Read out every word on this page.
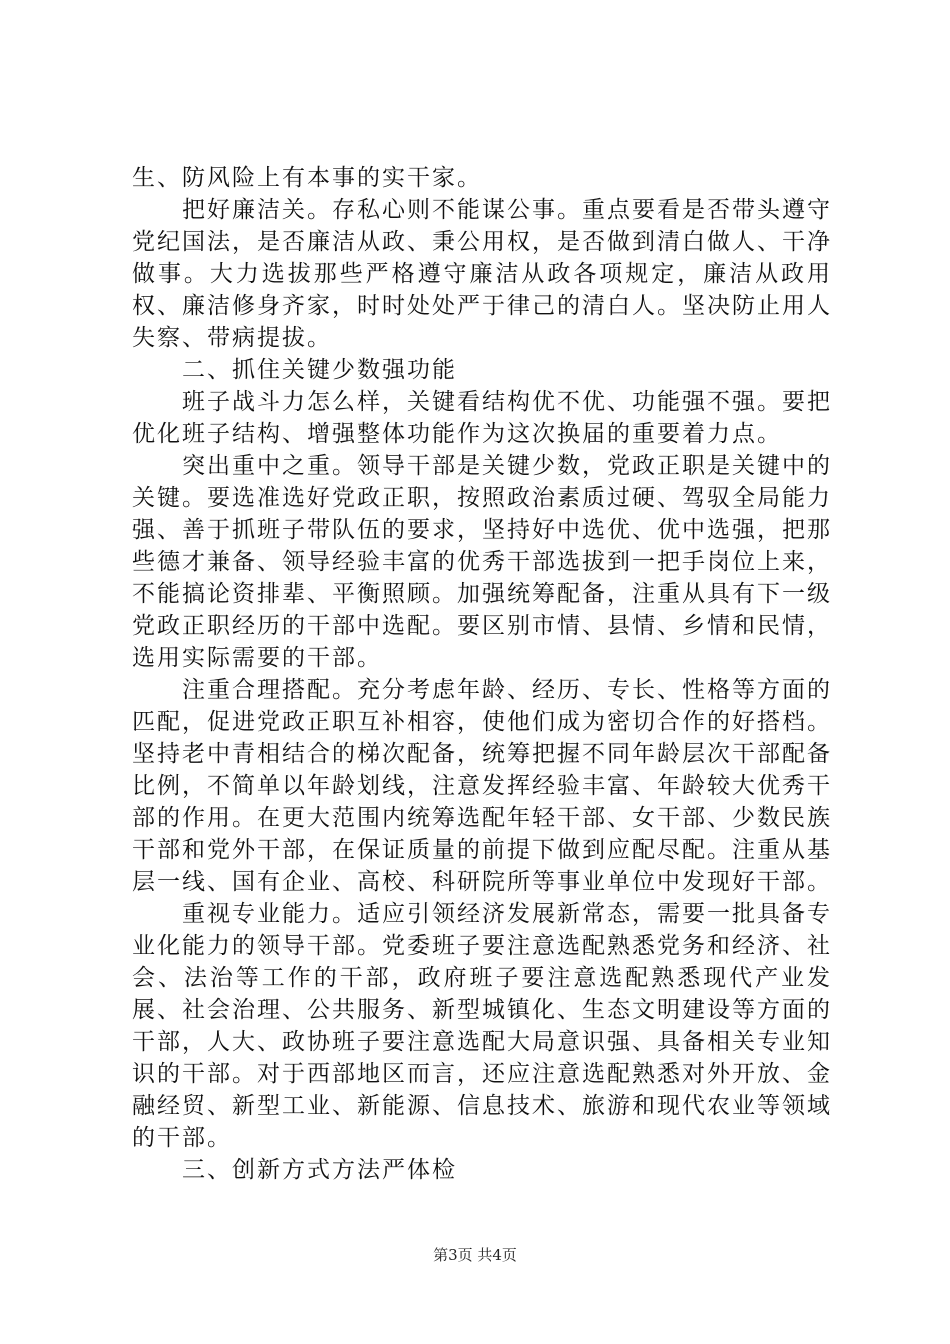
生、防风险上有本事的实干家。

把好廉洁关。存私心则不能谋公事。重点要看是否带头遵守党纪国法，是否廉洁从政、秉公用权，是否做到清白做人、干净做事。大力选拔那些严格遵守廉洁从政各项规定，廉洁从政用权、廉洁修身齐家，时时处处严于律己的清白人。坚决防止用人失察、带病提拔。

二、抓住关键少数强功能

班子战斗力怎么样，关键看结构优不优、功能强不强。要把优化班子结构、增强整体功能作为这次换届的重要着力点。

突出重中之重。领导干部是关键少数，党政正职是关键中的关键。要选准选好党政正职，按照政治素质过硬、驾驭全局能力强、善于抓班子带队伍的要求，坚持好中选优、优中选强，把那些德才兼备、领导经验丰富的优秀干部选拔到一把手岗位上来，不能搞论资排辈、平衡照顾。加强统筹配备，注重从具有下一级党政正职经历的干部中选配。要区别市情、县情、乡情和民情，选用实际需要的干部。

注重合理搭配。充分考虑年龄、经历、专长、性格等方面的匹配，促进党政正职互补相容，使他们成为密切合作的好搭档。坚持老中青相结合的梯次配备，统筹把握不同年龄层次干部配备比例，不简单以年龄划线，注意发挥经验丰富、年龄较大优秀干部的作用。在更大范围内统筹选配年轻干部、女干部、少数民族干部和党外干部，在保证质量的前提下做到应配尽配。注重从基层一线、国有企业、高校、科研院所等事业单位中发现好干部。

重视专业能力。适应引领经济发展新常态，需要一批具备专业化能力的领导干部。党委班子要注意选配熟悉党务和经济、社会、法治等工作的干部，政府班子要注意选配熟悉现代产业发展、社会治理、公共服务、新型城镇化、生态文明建设等方面的干部，人大、政协班子要注意选配大局意识强、具备相关专业知识的干部。对于西部地区而言，还应注意选配熟悉对外开放、金融经贸、新型工业、新能源、信息技术、旅游和现代农业等领域的干部。

三、创新方式方法严体检

第3页 共4页
